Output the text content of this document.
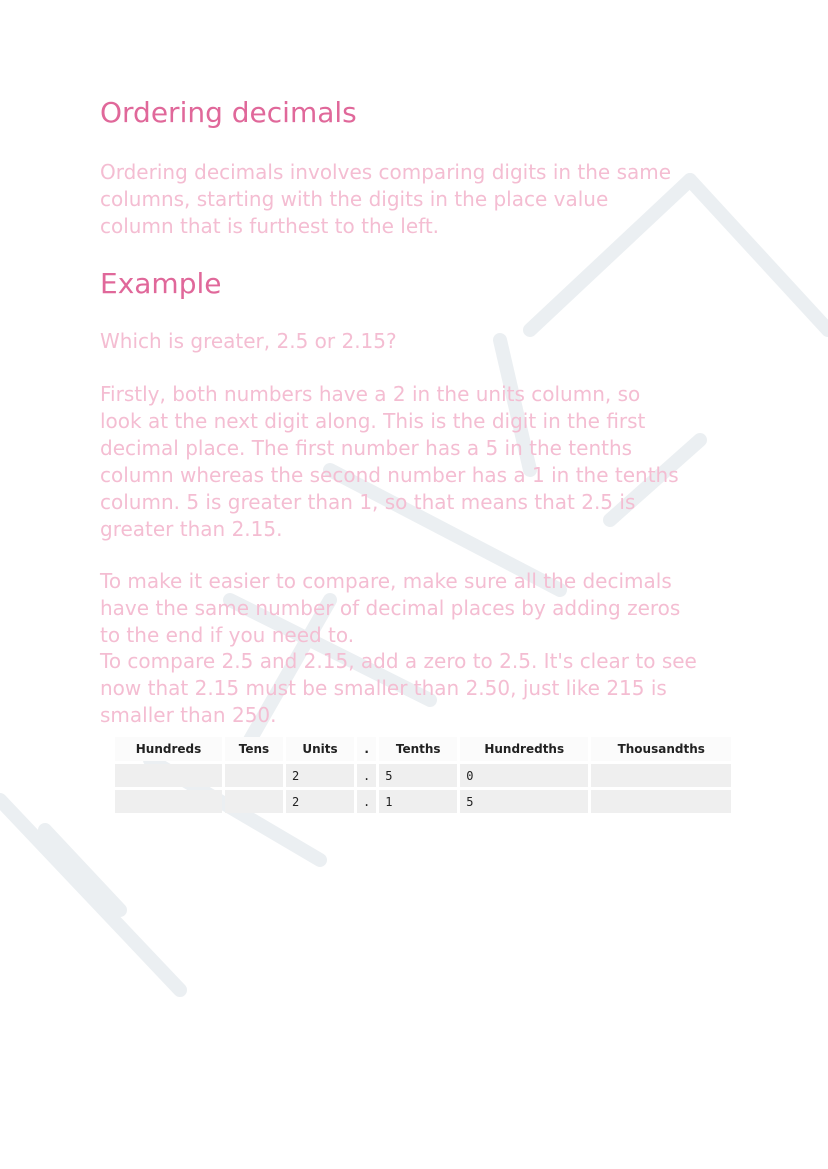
Ordering decimals

Ordering decimals involves comparing digits in the same
columns, starting with the digits in the place value
column that is furthest to the left.

Example

Which is greater, 2.5 or 2.15?

Firstly, both numbers have a 2 in the units column, so
look at the next digit along. This is the digit in the first
decimal place. The first number has a 5 in the tenths
column whereas the second number has a 1 in the tenths
column. 5 is greater than 1, so that means that 2.5 is
greater than 2.15.

To make it easier to compare, make sure all the decimals
have the same number of decimal places by adding zeros
to the end if you need to.

To compare 2.5 and 2.15, add a zero to 2.5. It's clear to see
now that 2.15 must be smaller than 2.50, just like 215 is
smaller than 250.

Hundreds	Tens	Units	.	Tenths	Hundredths	Thousandths
		2	.	5	0	
		2	.	1	5	
